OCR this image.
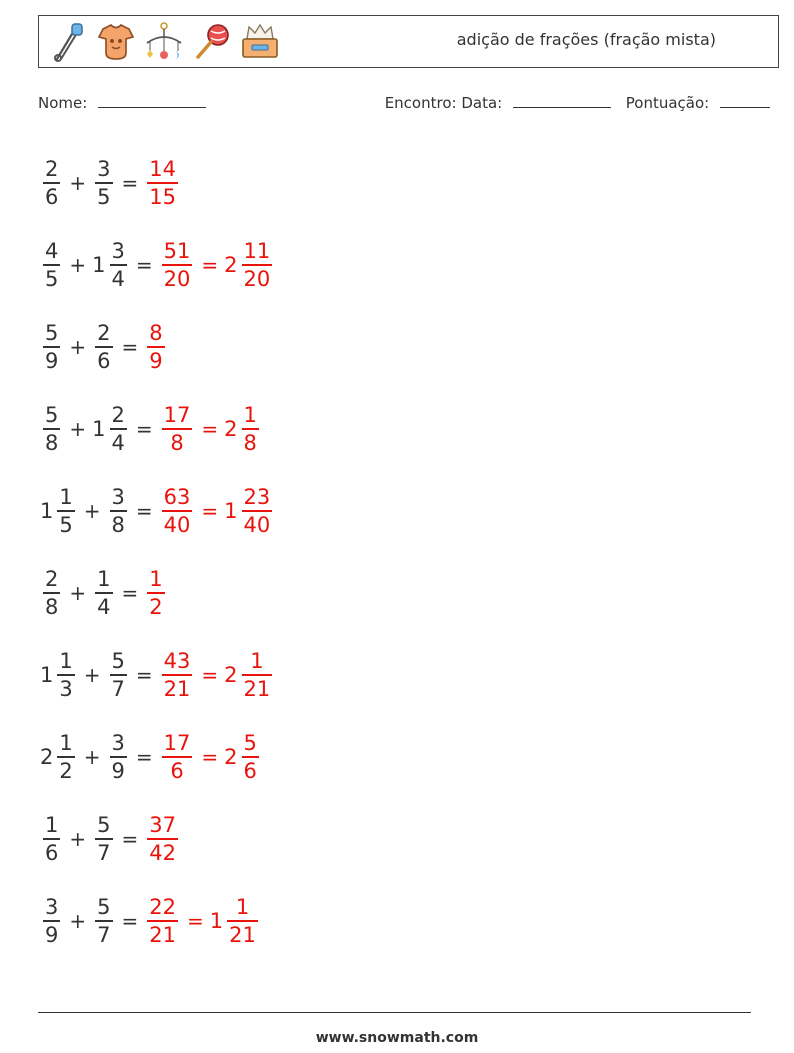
adição de frações (fração mista)
Nome:	Encontro: Data:	Pontuação:
$\frac{2}{6} + \frac{3}{5} = \frac{14}{15}$
$\frac{4}{5} + 1 \frac{3}{4} = \frac{51}{20} = 2 \frac{11}{20}$
$\frac{5}{9} + \frac{2}{6} = \frac{8}{9}$
$\frac{5}{8} + 1 \frac{2}{4} = \frac{17}{8} = 2 \frac{1}{8}$
$1 \frac{1}{5} + \frac{3}{8} = \frac{63}{40} = 1 \frac{23}{40}$
$\frac{2}{8} + \frac{1}{4} = \frac{1}{2}$
$1 \frac{1}{3} + \frac{5}{7} = \frac{43}{21} = 2 \frac{1}{21}$
$2 \frac{1}{2} + \frac{3}{9} = \frac{17}{6} = 2 \frac{5}{6}$
$\frac{1}{6} + \frac{5}{7} = \frac{37}{42}$
$\frac{3}{9} + \frac{5}{7} = \frac{22}{21} = 1 \frac{1}{21}$
www.snowmath.com
